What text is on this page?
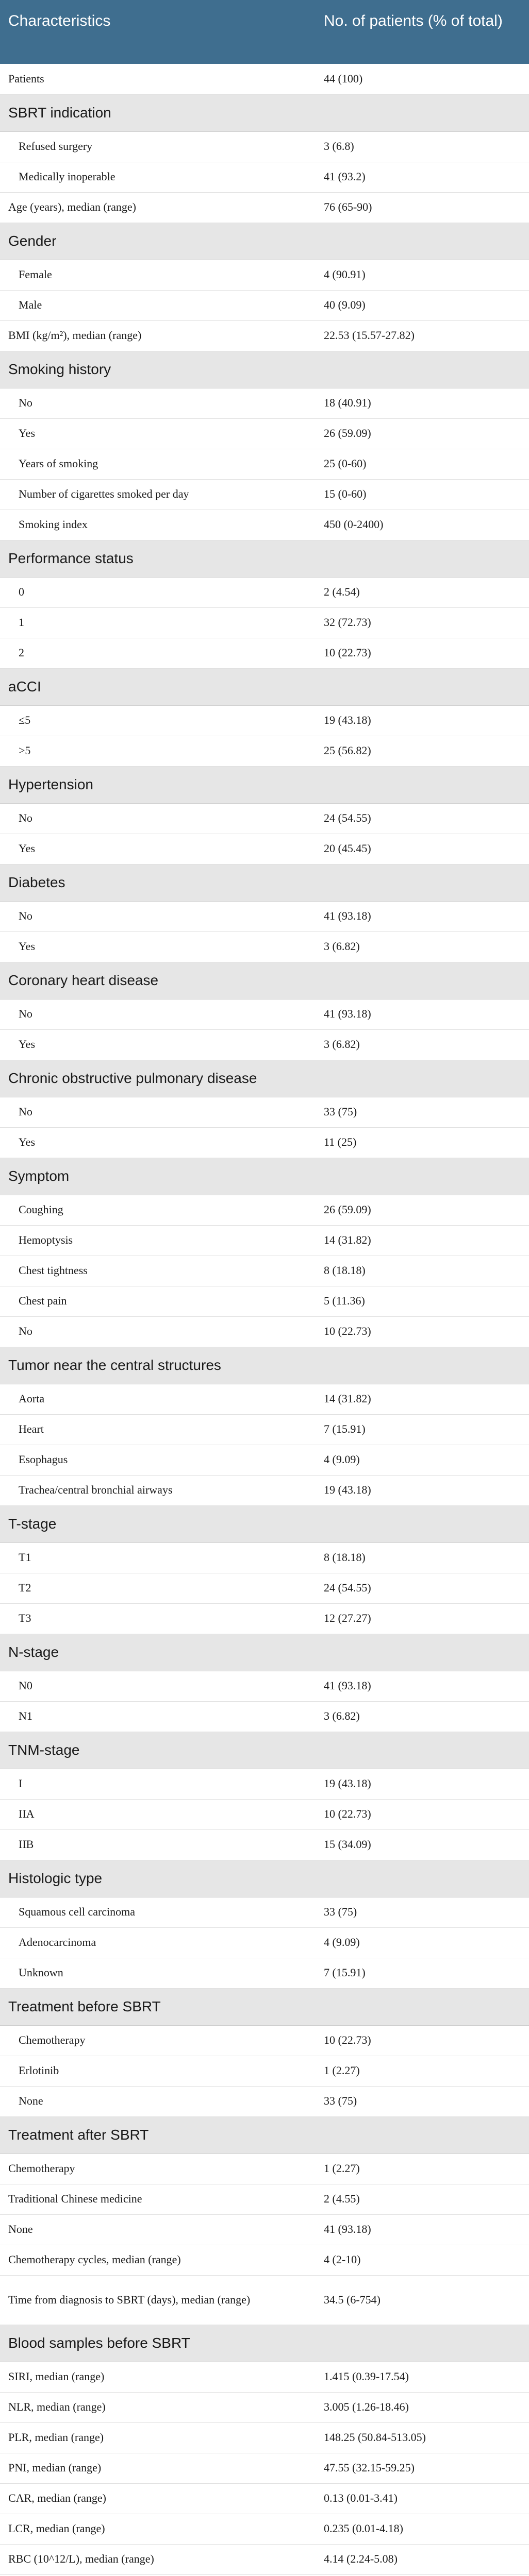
Characteristics	No. of patients (% of total)
Patients	44 (100)
SBRT indication	
Refused surgery	3 (6.8)
Medically inoperable	41 (93.2)
Age (years), median (range)	76 (65-90)
Gender	
Female	4 (90.91)
Male	40 (9.09)
BMI (kg/m²), median (range)	22.53 (15.57-27.82)
Smoking history	
No	18 (40.91)
Yes	26 (59.09)
Years of smoking	25 (0-60)
Number of cigarettes smoked per day	15 (0-60)
Smoking index	450 (0-2400)
Performance status	
0	2 (4.54)
1	32 (72.73)
2	10 (22.73)
aCCI	
≤5	19 (43.18)
>5	25 (56.82)
Hypertension	
No	24 (54.55)
Yes	20 (45.45)
Diabetes	
No	41 (93.18)
Yes	3 (6.82)
Coronary heart disease	
No	41 (93.18)
Yes	3 (6.82)
Chronic obstructive pulmonary disease	
No	33 (75)
Yes	11 (25)
Symptom	
Coughing	26 (59.09)
Hemoptysis	14 (31.82)
Chest tightness	8 (18.18)
Chest pain	5 (11.36)
No	10 (22.73)
Tumor near the central structures	
Aorta	14 (31.82)
Heart	7 (15.91)
Esophagus	4 (9.09)
Trachea/central bronchial airways	19 (43.18)
T-stage	
T1	8 (18.18)
T2	24 (54.55)
T3	12 (27.27)
N-stage	
N0	41 (93.18)
N1	3 (6.82)
TNM-stage	
I	19 (43.18)
IIA	10 (22.73)
IIB	15 (34.09)
Histologic type	
Squamous cell carcinoma	33 (75)
Adenocarcinoma	4 (9.09)
Unknown	7 (15.91)
Treatment before SBRT	
Chemotherapy	10 (22.73)
Erlotinib	1 (2.27)
None	33 (75)
Treatment after SBRT	
Chemotherapy	1 (2.27)
Traditional Chinese medicine	2 (4.55)
None	41 (93.18)
Chemotherapy cycles, median (range)	4 (2-10)
Time from diagnosis to SBRT (days), median (range)	34.5 (6-754)
Blood samples before SBRT	
SIRI, median (range)	1.415 (0.39-17.54)
NLR, median (range)	3.005 (1.26-18.46)
PLR, median (range)	148.25 (50.84-513.05)
PNI, median (range)	47.55 (32.15-59.25)
CAR, median (range)	0.13 (0.01-3.41)
LCR, median (range)	0.235 (0.01-4.18)
RBC (10^12/L), median (range)	4.14 (2.24-5.08)
